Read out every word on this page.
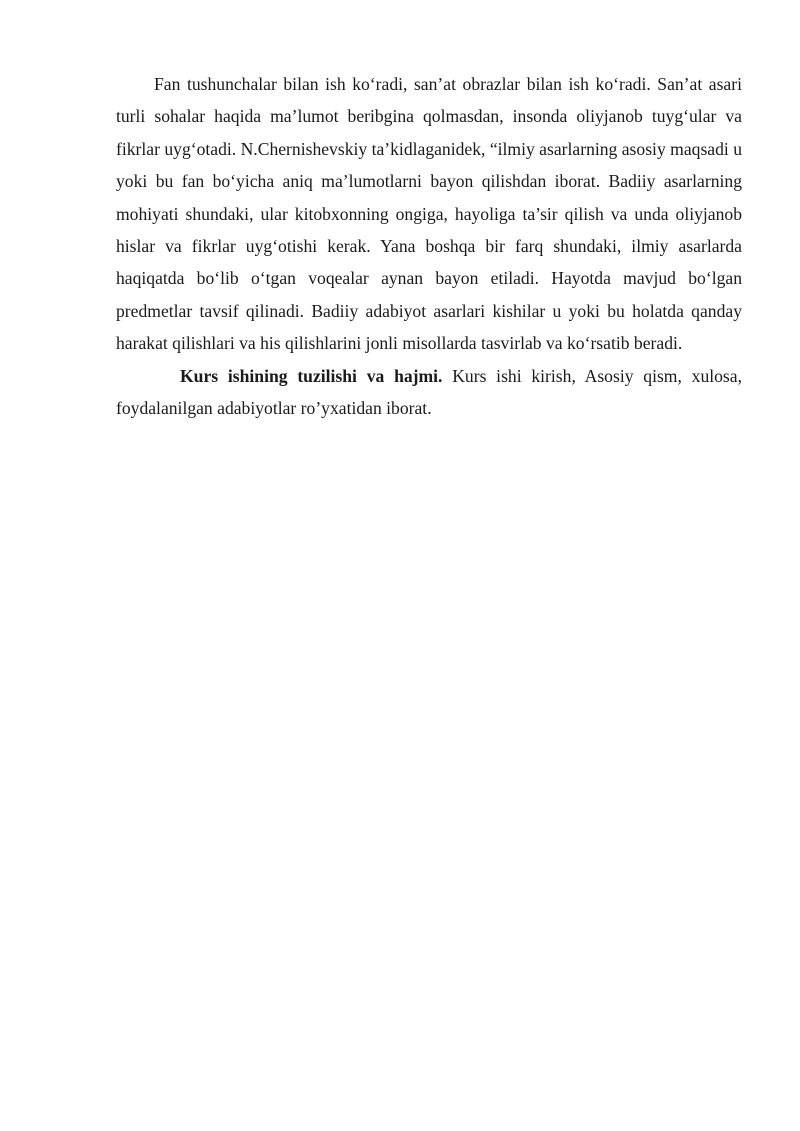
Fan tushunchalar bilan ish ko‘radi, san’at obrazlar bilan ish ko‘radi. San’at asari turli sohalar haqida ma’lumot beribgina qolmasdan, insonda oliyjanob tuyg‘ular va fikrlar uyg‘otadi. N.Chernishevskiy ta’kidlaganidek, “ilmiy asarlarning asosiy maqsadi u yoki bu fan bo‘yicha aniq ma’lumotlarni bayon qilishdan iborat. Badiiy asarlarning mohiyati shundaki, ular kitobxonning ongiga, hayoliga ta’sir qilish va unda oliyjanob hislar va fikrlar uyg‘otishi kerak. Yana boshqa bir farq shundaki, ilmiy asarlarda haqiqatda bo‘lib o‘tgan voqealar aynan bayon etiladi. Hayotda mavjud bo‘lgan predmetlar tavsif qilinadi. Badiiy adabiyot asarlari kishilar u yoki bu holatda qanday harakat qilishlari va his qilishlarini jonli misollarda tasvirlab va ko‘rsatib beradi.

Kurs ishining tuzilishi va hajmi. Kurs ishi kirish, Asosiy qism, xulosa, foydalanilgan adabiyotlar ro’yxatidan iborat.
